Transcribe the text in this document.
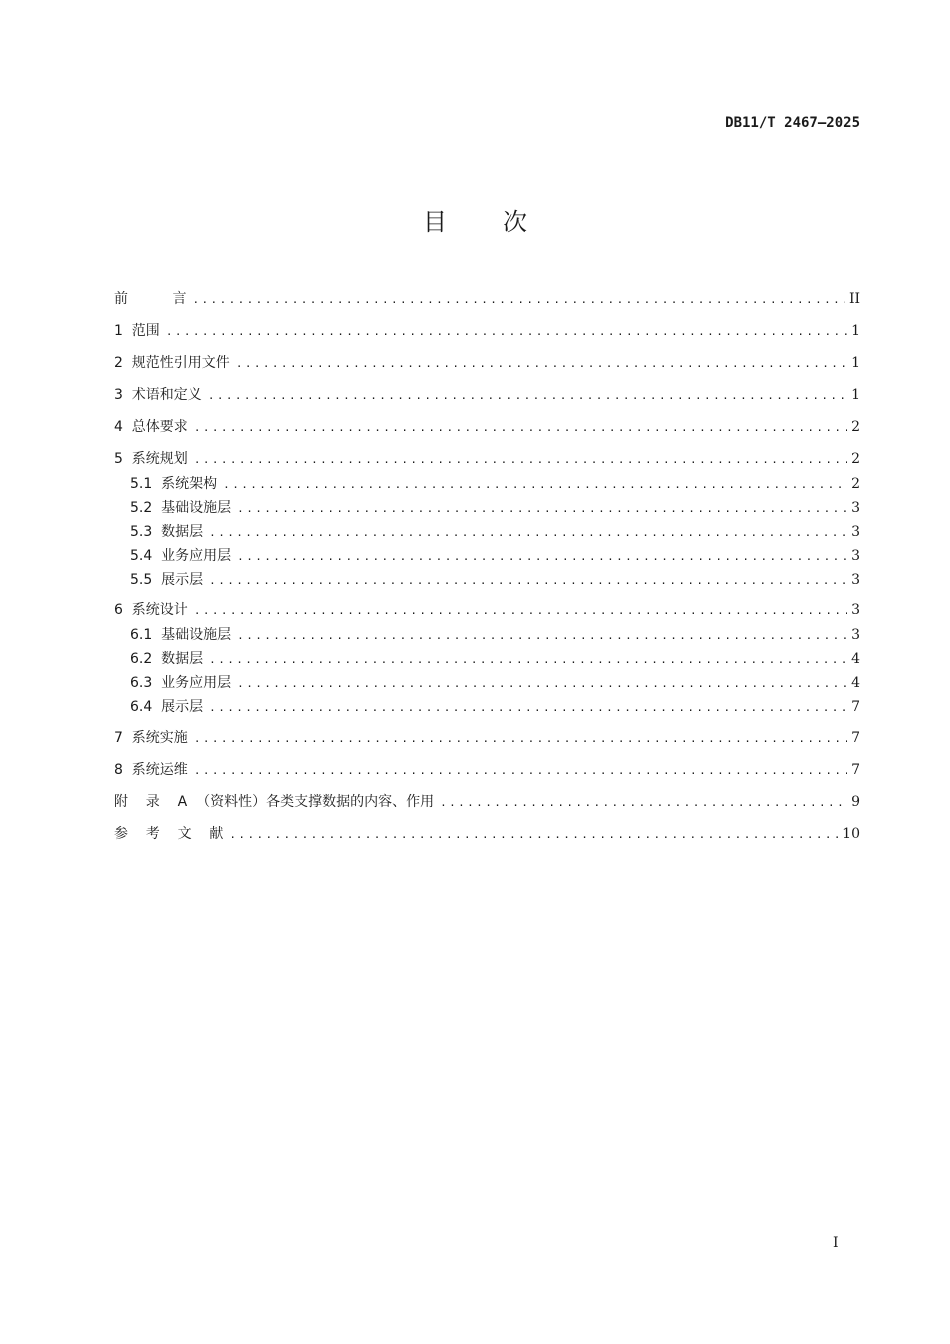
DB11/T 2467—2025
目 次
前          言 .....	II
1  范围 .....	1
2  规范性引用文件 .....	1
3  术语和定义 .....	1
4  总体要求 .....	2
5  系统规划 .....	2
5.1  系统架构 .....	2
5.2  基础设施层 .....	3
5.3  数据层 .....	3
5.4  业务应用层 .....	3
5.5  展示层 .....	3
6  系统设计 .....	3
6.1  基础设施层 .....	3
6.2  数据层 .....	4
6.3  业务应用层 .....	4
6.4  展示层 .....	7
7  系统实施 .....	7
8  系统运维 .....	7
附    录    A  （资料性）各类支撑数据的内容、作用 .....	9
参    考    文    献 .....	10
I
